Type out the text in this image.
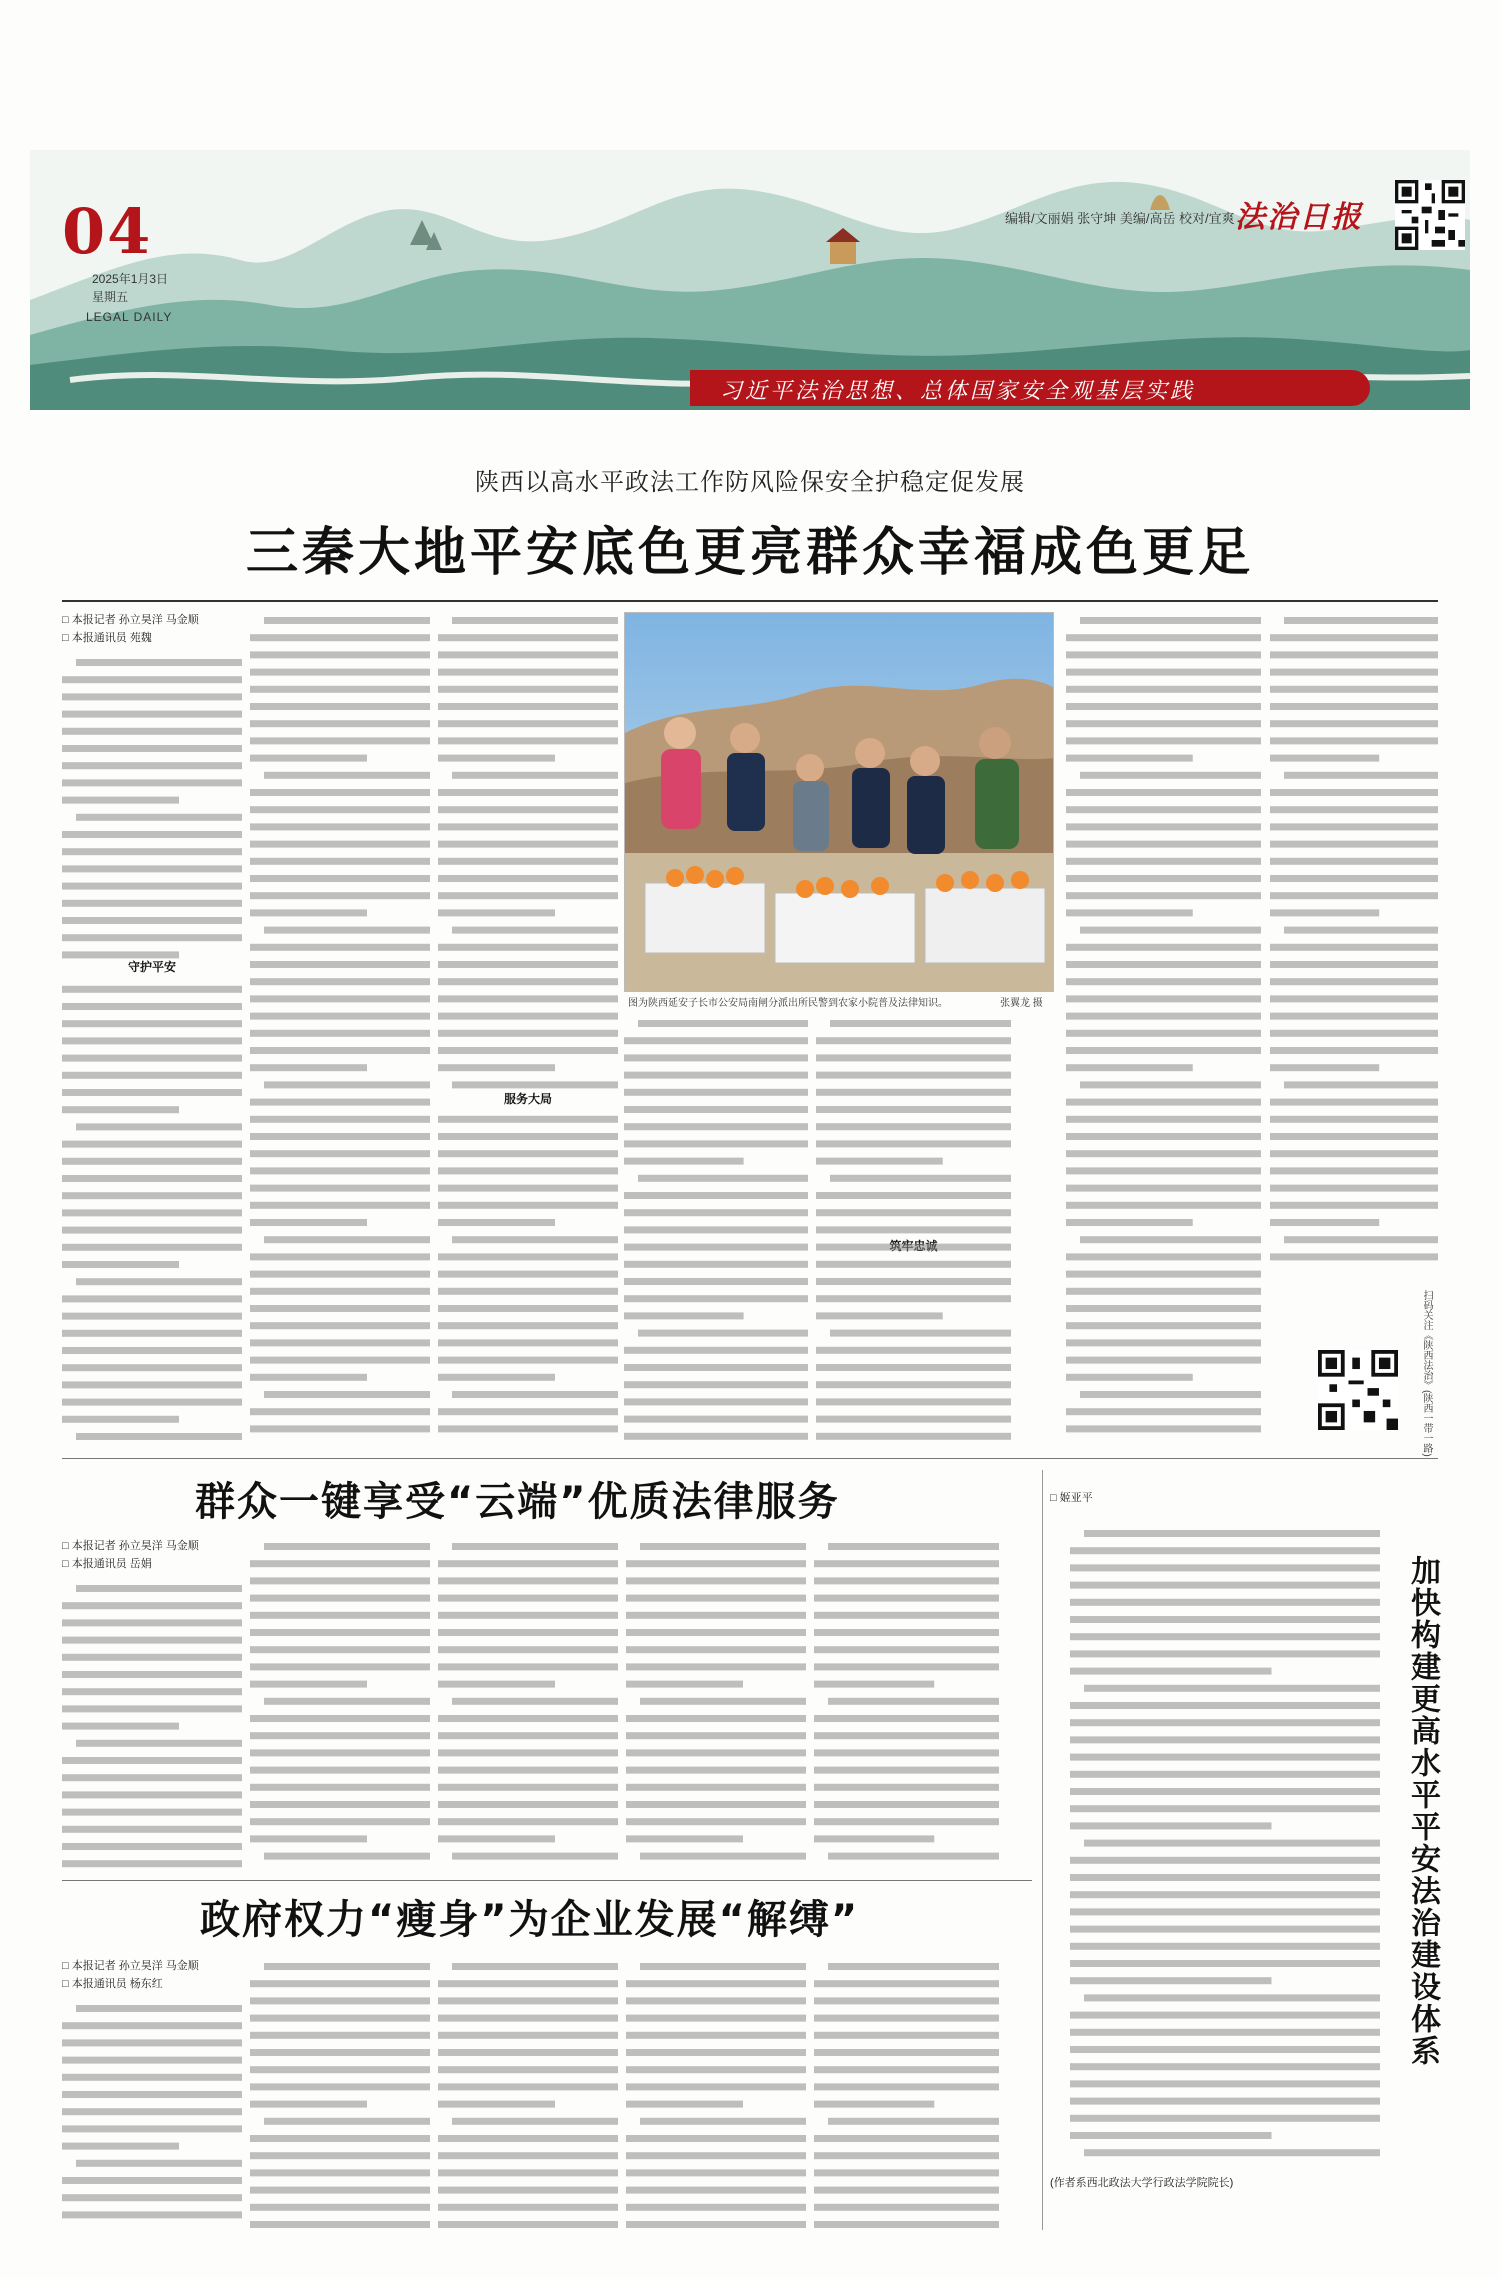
04
2025年1月3日
星期五
LEGAL DAILY
编辑/文丽娟 张守坤 美编/高岳 校对/宜爽 法治日报
习近平法治思想、总体国家安全观基层实践
陕西以高水平政法工作防风险保安全护稳定促发展
三秦大地平安底色更亮群众幸福成色更足
□ 本报记者 孙立昊洋 马金顺
□ 本报通讯员 苑魏
守护平安
服务大局
图为陕西延安子长市公安局南闸分派出所民警到农家小院普及法律知识。	张翼龙 摄
扫码关注《陕西法治》(陕西一带一路)
群众一键享受“云端”优质法律服务
□ 本报记者 孙立昊洋 马金顺
□ 本报通讯员 岳娟
政府权力“瘦身”为企业发展“解缚”
□ 本报记者 孙立昊洋 马金顺
□ 本报通讯员 杨东红
□ 姬亚平
加快构建更高水平平安法治建设体系
(作者系西北政法大学行政法学院院长)
